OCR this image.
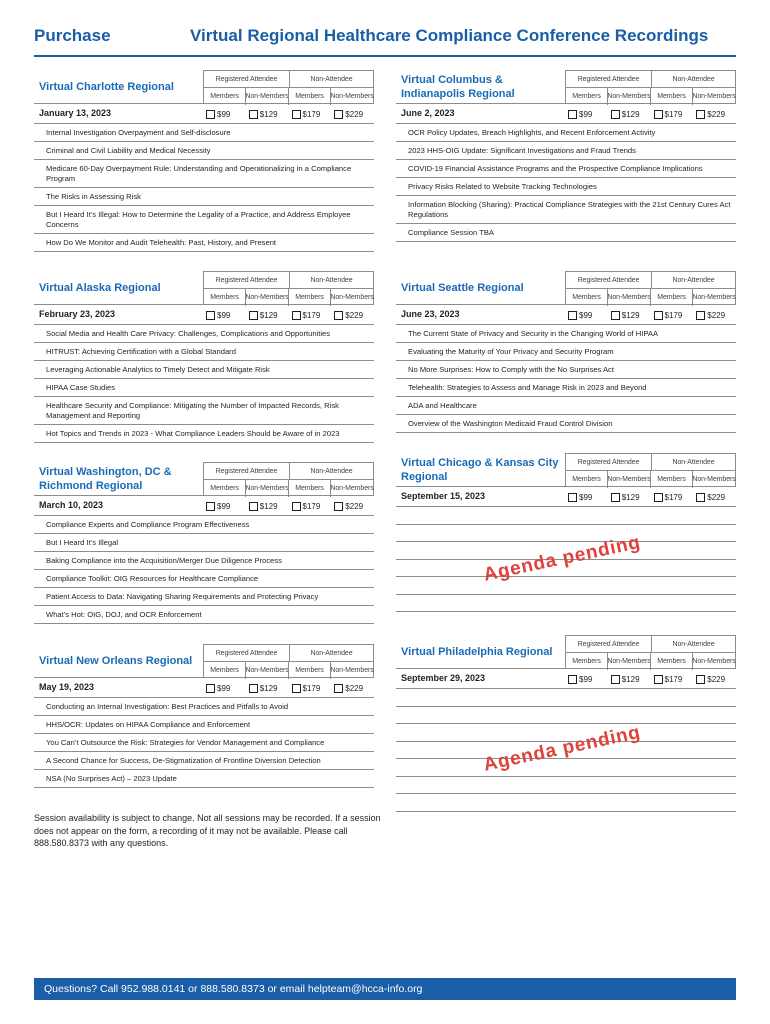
Purchase	Virtual Regional Healthcare Compliance Conference Recordings
Virtual Charlotte Regional
Registered Attendee	Non-Attendee
Members Non-Members Members Non-Members
January 13, 2023	$99	$129	$179	$229
Internal Investigation Overpayment and Self-disclosure
Criminal and Civil Liability and Medical Necessity
Medicare 60-Day Overpayment Rule: Understanding and Operationalizing in a Compliance Program
The Risks in Assessing Risk
But I Heard It’s Illegal: How to Determine the Legality of a Practice, and Address Employee Concerns
How Do We Monitor and Audit Telehealth: Past, History, and Present
Virtual Columbus & Indianapolis Regional
Registered Attendee	Non-Attendee
Members Non-Members Members Non-Members
June 2, 2023	$99	$129	$179	$229
OCR Policy Updates, Breach Highlights, and Recent Enforcement Activity
2023 HHS-OIG Update: Significant Investigations and Fraud Trends
COVID-19 Financial Assistance Programs and the Prospective Compliance Implications
Privacy Risks Related to Website Tracking Technologies
Information Blocking (Sharing): Practical Compliance Strategies with the 21st Century Cures Act Regulations
Compliance Session TBA
Virtual Alaska Regional
Registered Attendee	Non-Attendee
Members Non-Members Members Non-Members
February 23, 2023	$99	$129	$179	$229
Social Media and Health Care Privacy: Challenges, Complications and Opportunities
HITRUST: Achieving Certification with a Global Standard
Leveraging Actionable Analytics to Timely Detect and Mitigate Risk
HIPAA Case Studies
Healthcare Security and Compliance: Mitigating the Number of Impacted Records, Risk Management and Reporting
Hot Topics and Trends in 2023 - What Compliance Leaders Should be Aware of in 2023
Virtual Seattle Regional
Registered Attendee	Non-Attendee
Members Non-Members Members Non-Members
June 23, 2023	$99	$129	$179	$229
The Current State of Privacy and Security in the Changing World of HIPAA
Evaluating the Maturity of Your Privacy and Security Program
No More Surprises: How to Comply with the No Surprises Act
Telehealth: Strategies to Assess and Manage Risk in 2023 and Beyond
ADA and Healthcare
Overview of the Washington Medicaid Fraud Control Division
Virtual Washington, DC & Richmond Regional
Registered Attendee	Non-Attendee
Members Non-Members Members Non-Members
March 10, 2023	$99	$129	$179	$229
Compliance Experts and Compliance Program Effectiveness
But I Heard It’s Illegal
Baking Compliance into the Acquisition/Merger Due Diligence Process
Compliance Toolkit: OIG Resources for Healthcare Compliance
Patient Access to Data: Navigating Sharing Requirements and Protecting Privacy
What’s Hot: OIG, DOJ, and OCR Enforcement
Virtual Chicago & Kansas City Regional
Registered Attendee	Non-Attendee
Members Non-Members Members Non-Members
September 15, 2023	$99	$129	$179	$229
Agenda pending
Virtual New Orleans Regional
Registered Attendee	Non-Attendee
Members Non-Members Members Non-Members
May 19, 2023	$99	$129	$179	$229
Conducting an Internal Investigation: Best Practices and Pitfalls to Avoid
HHS/OCR: Updates on HIPAA Compliance and Enforcement
You Can’t Outsource the Risk: Strategies for Vendor Management and Compliance
A Second Chance for Success, De-Stigmatization of Frontline Diversion Detection
NSA (No Surprises Act) – 2023 Update
Virtual Philadelphia Regional
Registered Attendee	Non-Attendee
Members Non-Members Members Non-Members
September 29, 2023	$99	$129	$179	$229
Agenda pending
Session availability is subject to change. Not all sessions may be recorded. If a session does not appear on the form, a recording of it may not be available. Please call 888.580.8373 with any questions.
Questions? Call 952.988.0141 or 888.580.8373 or email helpteam@hcca-info.org
